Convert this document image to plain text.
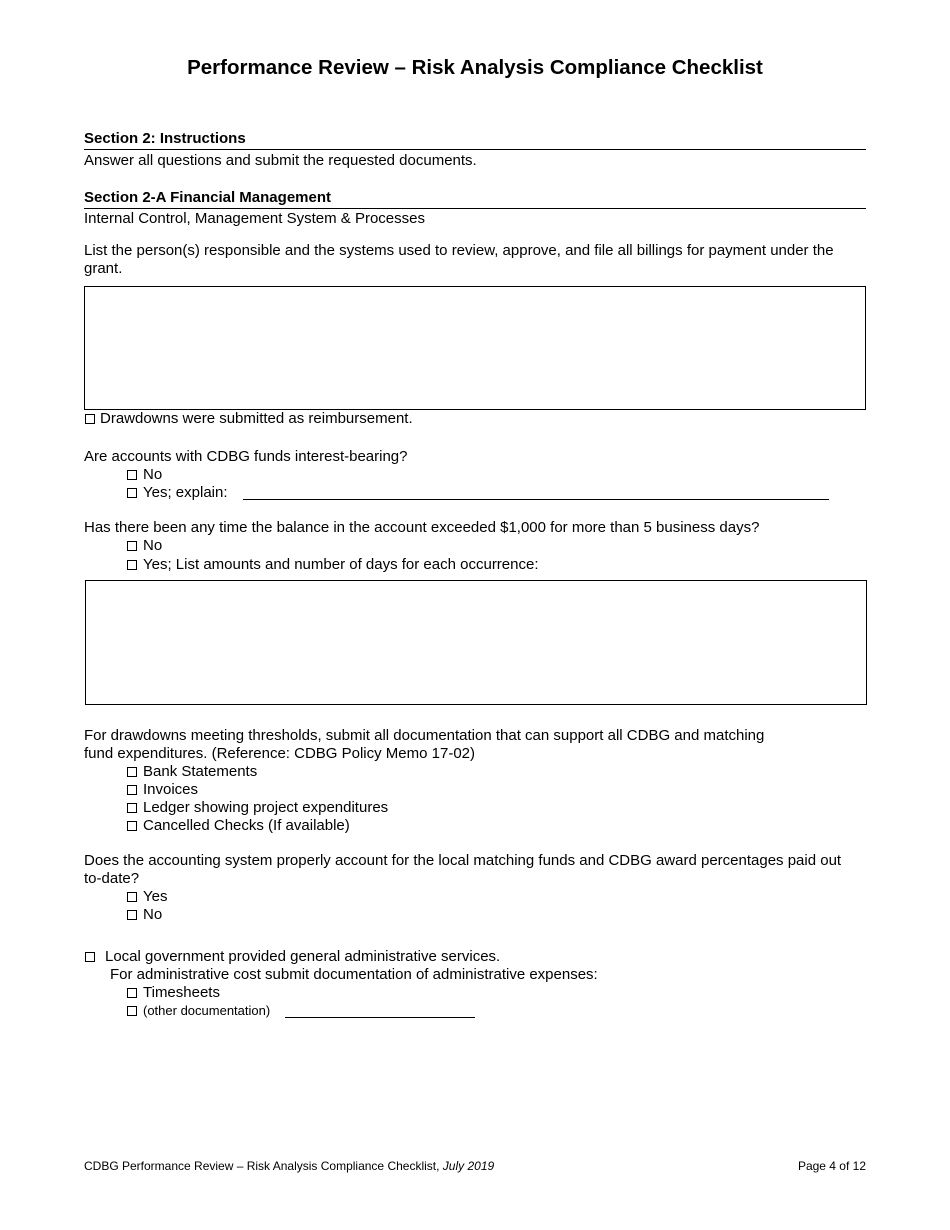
Performance Review – Risk Analysis Compliance Checklist
Section 2: Instructions
Answer all questions and submit the requested documents.
Section 2-A Financial Management
Internal Control, Management System & Processes
List the person(s) responsible and the systems used to review, approve, and file all billings for payment under the
grant.
Drawdowns were submitted as reimbursement.
Are accounts with CDBG funds interest-bearing?
No
Yes; explain:
Has there been any time the balance in the account exceeded $1,000 for more than 5 business days?
No
Yes; List amounts and number of days for each occurrence:
For drawdowns meeting thresholds, submit all documentation that can support all CDBG and matching
fund expenditures. (Reference: CDBG Policy Memo 17-02)
Bank Statements
Invoices
Ledger showing project expenditures
Cancelled Checks (If available)
Does the accounting system properly account for the local matching funds and CDBG award percentages paid out
to-date?
Yes
No
Local government provided general administrative services.
For administrative cost submit documentation of administrative expenses:
Timesheets
(other documentation)
CDBG Performance Review – Risk Analysis Compliance Checklist, July 2019	Page 4 of 12
